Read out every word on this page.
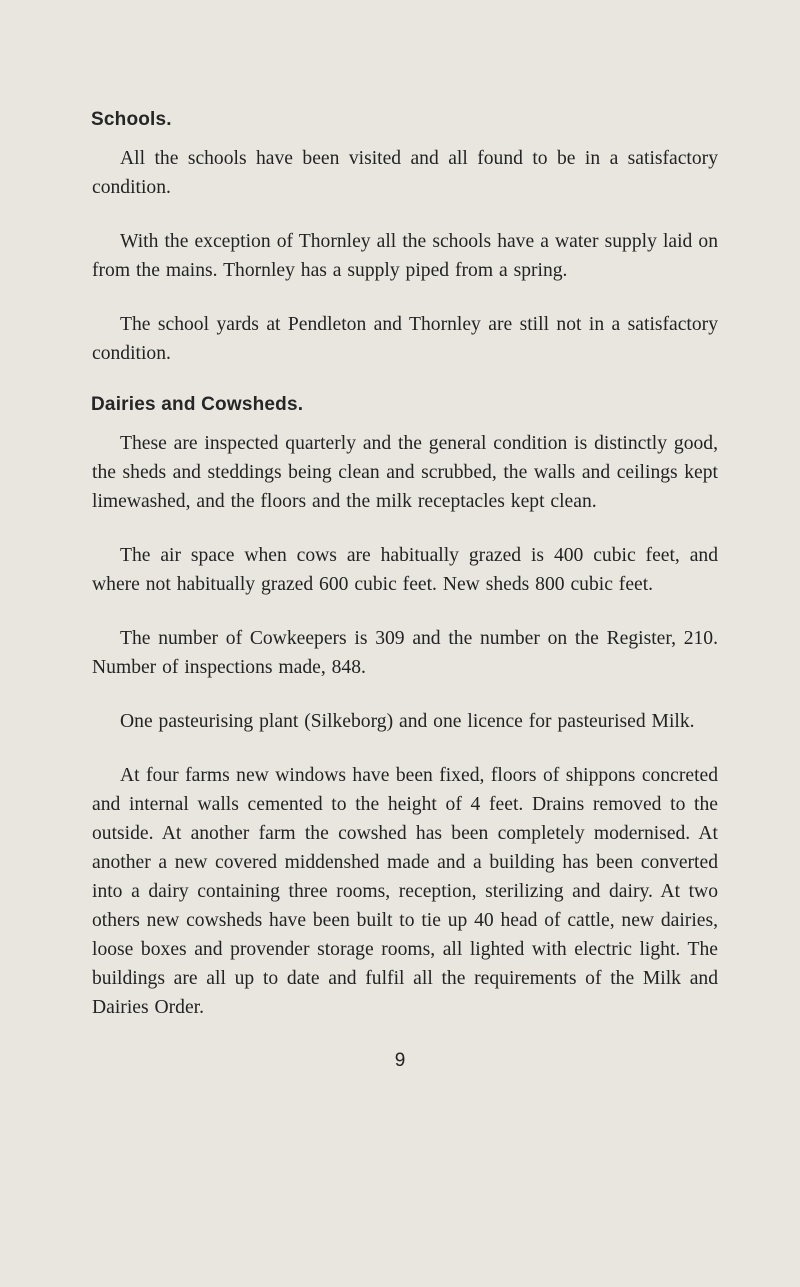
Schools.

All the schools have been visited and all found to be in a satisfactory condition.

With the exception of Thornley all the schools have a water supply laid on from the mains. Thornley has a supply piped from a spring.

The school yards at Pendleton and Thornley are still not in a satisfactory condition.

Dairies and Cowsheds.

These are inspected quarterly and the general condition is distinctly good, the sheds and steddings being clean and scrubbed, the walls and ceilings kept limewashed, and the floors and the milk receptacles kept clean.

The air space when cows are habitually grazed is 400 cubic feet, and where not habitually grazed 600 cubic feet. New sheds 800 cubic feet.

The number of Cowkeepers is 309 and the number on the Register, 210. Number of inspections made, 848.

One pasteurising plant (Silkeborg) and one licence for pasteurised Milk.

At four farms new windows have been fixed, floors of shippons concreted and internal walls cemented to the height of 4 feet. Drains removed to the outside. At another farm the cowshed has been completely modernised. At another a new covered middenshed made and a building has been converted into a dairy containing three rooms, reception, sterilizing and dairy. At two others new cowsheds have been built to tie up 40 head of cattle, new dairies, loose boxes and provender storage rooms, all lighted with electric light. The buildings are all up to date and fulfil all the requirements of the Milk and Dairies Order.

9
